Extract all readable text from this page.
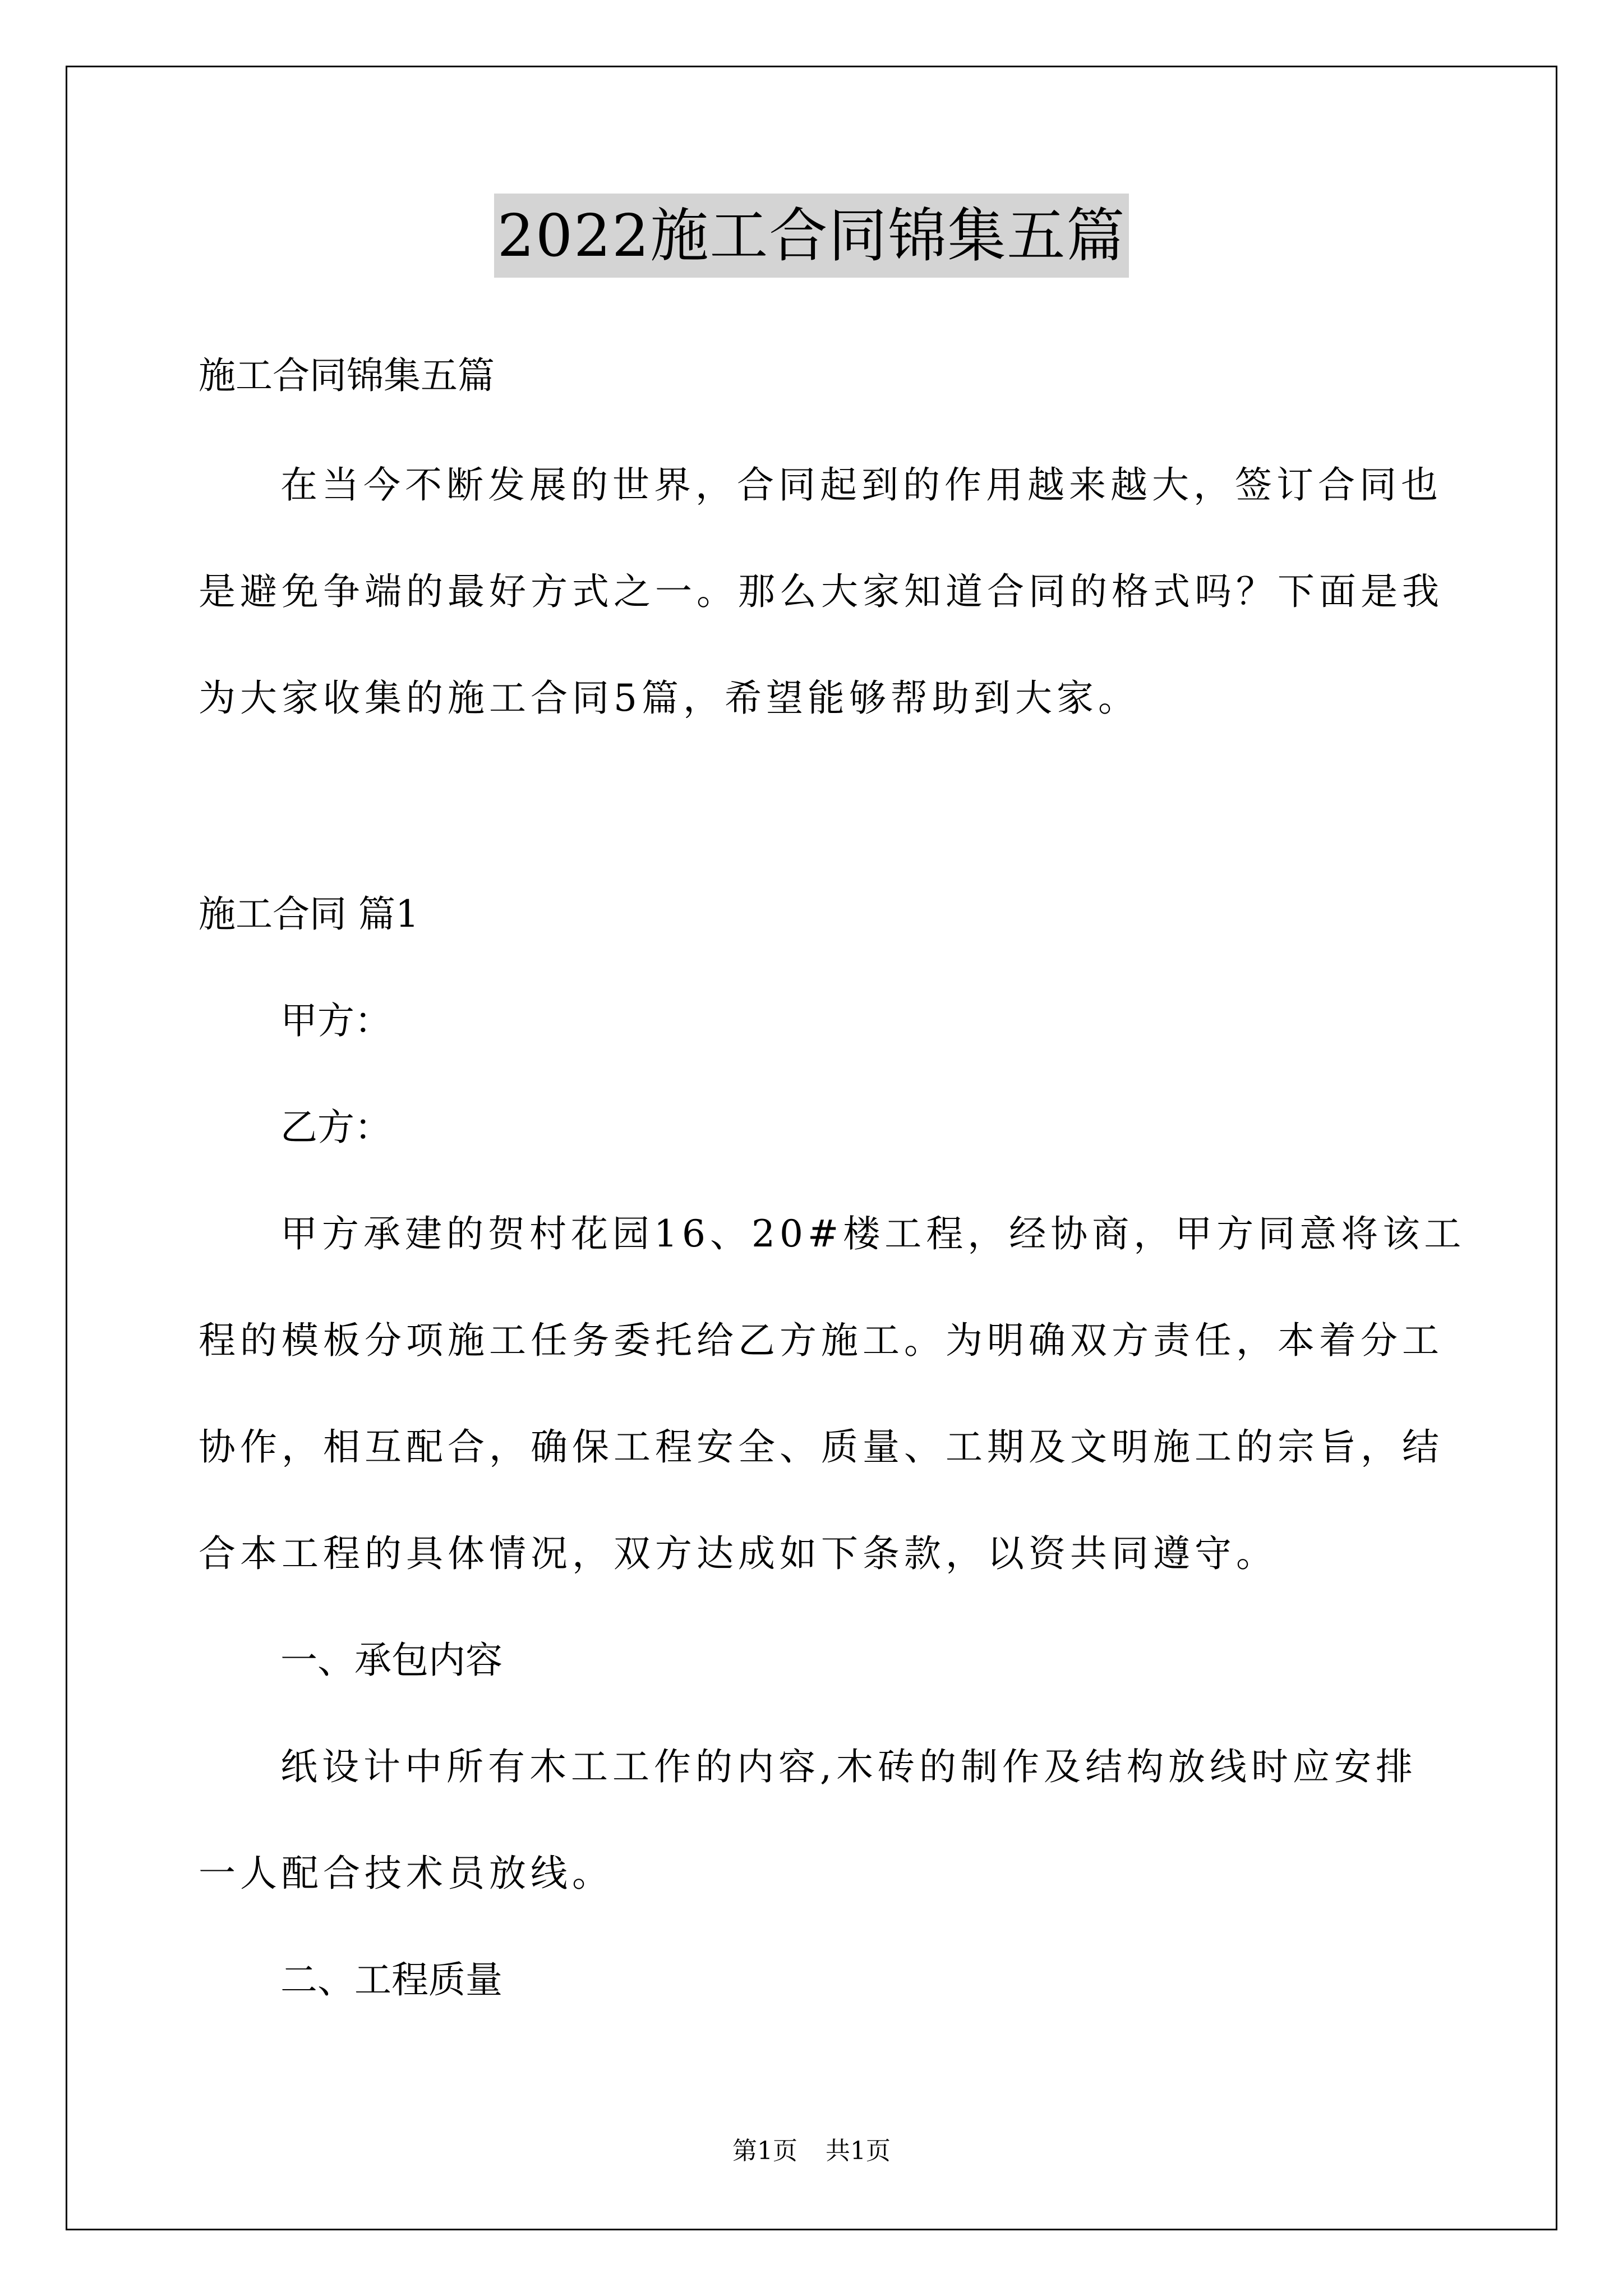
2022施工合同锦集五篇

施工合同锦集五篇

在当今不断发展的世界，合同起到的作用越来越大，签订合同也

是避免争端的最好方式之一。那么大家知道合同的格式吗？下面是我

为大家收集的施工合同5篇，希望能够帮助到大家。

施工合同 篇1

甲方：

乙方：

甲方承建的贺村花园16、20#楼工程，经协商，甲方同意将该工

程的模板分项施工任务委托给乙方施工。为明确双方责任，本着分工

协作，相互配合，确保工程安全、质量、工期及文明施工的宗旨，结

合本工程的具体情况，双方达成如下条款，以资共同遵守。

一、承包内容

纸设计中所有木工工作的内容,木砖的制作及结构放线时应安排

一人配合技术员放线。

二、工程质量

第1页 共1页
